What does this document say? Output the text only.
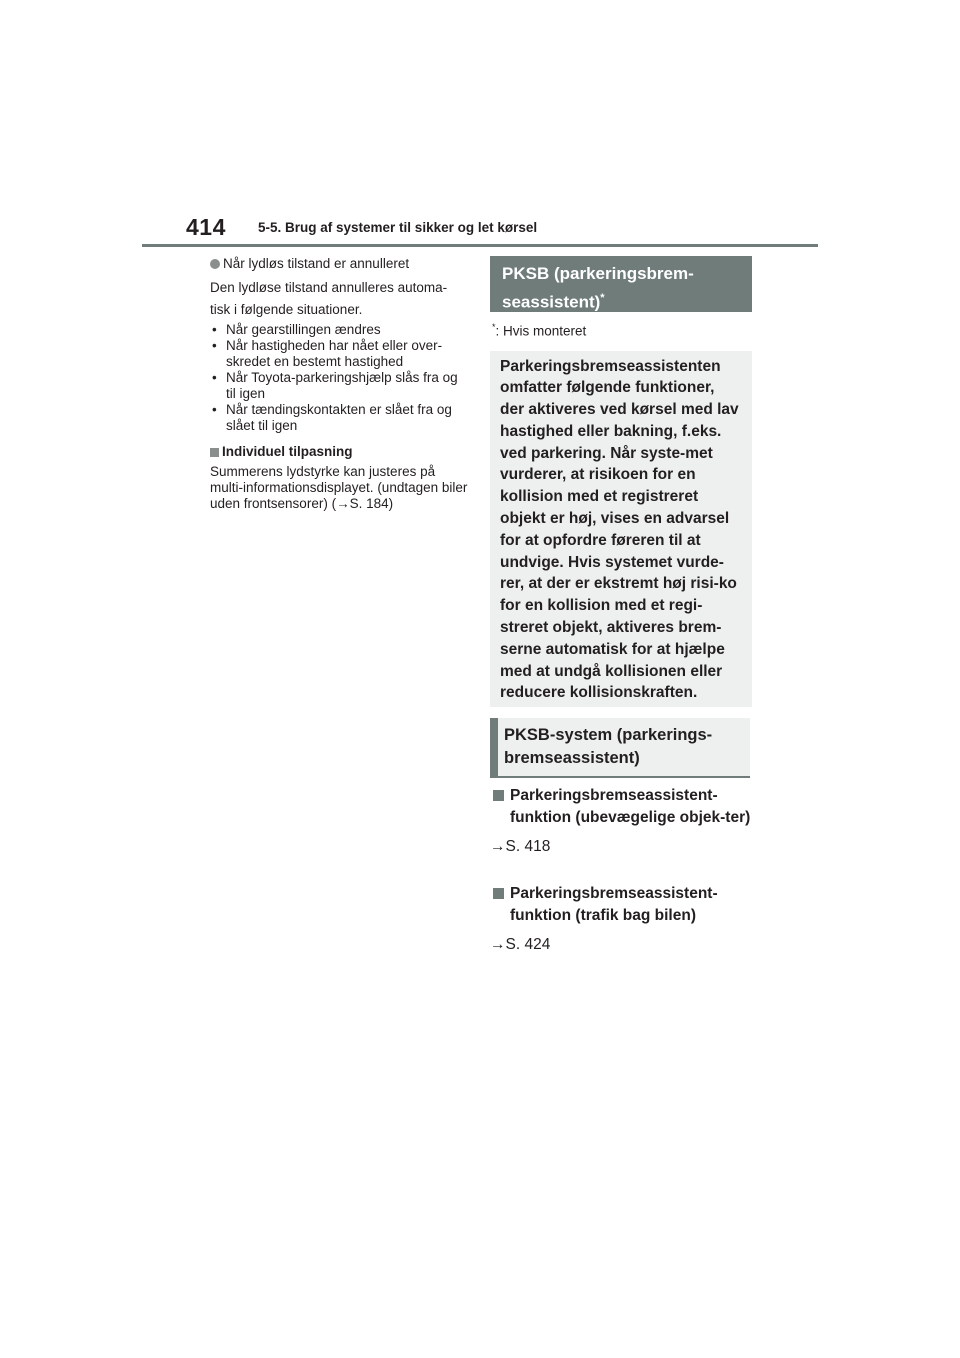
414 5-5. Brug af systemer til sikker og let kørsel
Når lydløs tilstand er annulleret
Den lydløse tilstand annulleres automa-
tisk i følgende situationer.
• Når gearstillingen ændres
• Når hastigheden har nået eller over-skredet en bestemt hastighed
• Når Toyota-parkeringshjælp slås fra og til igen
• Når tændingskontakten er slået fra og slået til igen
Individuel tilpasning
Summerens lydstyrke kan justeres på multi-informationsdisplayet. (undtagen biler uden frontsensorer) (→S. 184)
PKSB (parkeringsbrem-
seassistent)*
*: Hvis monteret
Parkeringsbremseassistenten omfatter følgende funktioner, der aktiveres ved kørsel med lav hastighed eller bakning, f.eks. ved parkering. Når syste-met vurderer, at risikoen for en kollision med et registreret objekt er høj, vises en advarsel for at opfordre føreren til at undvige. Hvis systemet vurde-rer, at der er ekstremt høj risi-ko for en kollision med et regi-streret objekt, aktiveres brem-serne automatisk for at hjælpe med at undgå kollisionen eller reducere kollisionskraften.
PKSB-system (parkerings-
bremseassistent)
Parkeringsbremseassistent-funktion (ubevægelige objek-ter)
→S. 418
Parkeringsbremseassistent-funktion (trafik bag bilen)
→S. 424
